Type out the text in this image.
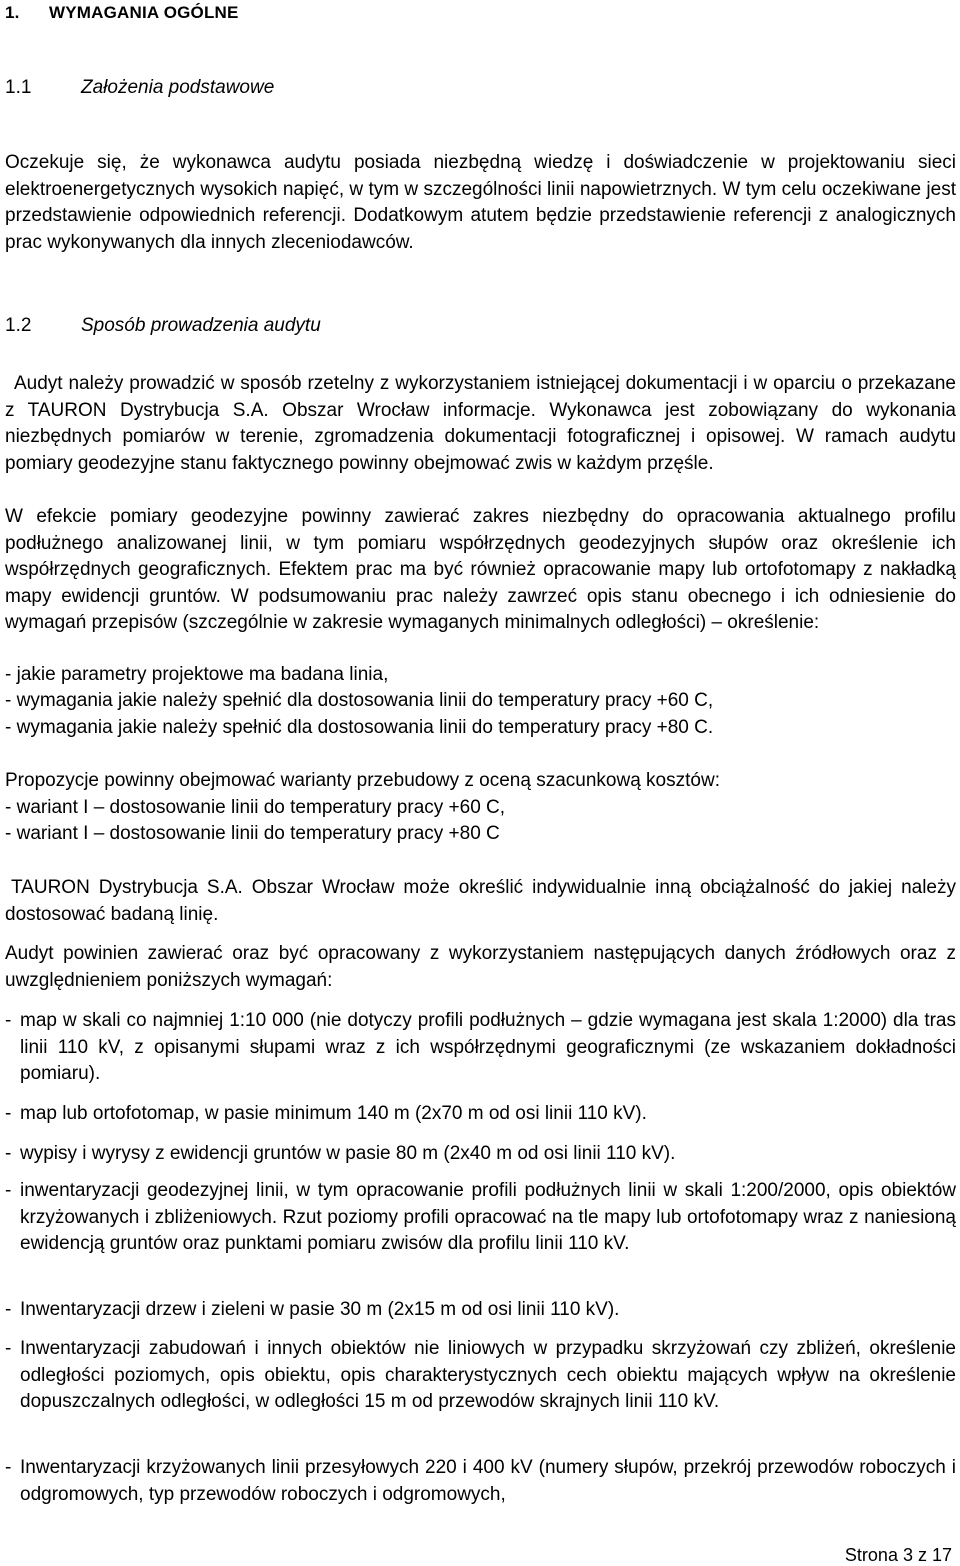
1. WYMAGANIA OGÓLNE
1.1	Założenia podstawowe
Oczekuje się, że wykonawca audytu posiada niezbędną wiedzę i doświadczenie w projektowaniu sieci elektroenergetycznych wysokich napięć, w tym w szczególności linii napowietrznych. W tym celu oczekiwane jest przedstawienie odpowiednich referencji. Dodatkowym atutem będzie przedstawienie referencji z analogicznych prac wykonywanych dla innych zleceniodawców.
1.2	Sposób prowadzenia audytu
Audyt należy prowadzić w sposób rzetelny z wykorzystaniem istniejącej dokumentacji i w oparciu o przekazane z TAURON Dystrybucja S.A. Obszar Wrocław informacje. Wykonawca jest zobowiązany do wykonania niezbędnych pomiarów w terenie, zgromadzenia dokumentacji fotograficznej i opisowej. W ramach audytu pomiary geodezyjne stanu faktycznego powinny obejmować zwis w każdym przęśle.
W efekcie pomiary geodezyjne powinny zawierać zakres niezbędny do opracowania aktualnego profilu podłużnego analizowanej linii, w tym pomiaru współrzędnych geodezyjnych słupów oraz określenie ich współrzędnych geograficznych. Efektem prac ma być również opracowanie mapy lub ortofotomapy z nakładką mapy ewidencji gruntów. W podsumowaniu prac należy zawrzeć opis stanu obecnego i ich odniesienie do wymagań przepisów (szczególnie w zakresie wymaganych minimalnych odległości) – określenie:
- jakie parametry projektowe ma badana linia,
- wymagania jakie należy spełnić dla dostosowania linii do temperatury pracy +60 C,
- wymagania jakie należy spełnić dla dostosowania linii do temperatury pracy +80 C.
Propozycje powinny obejmować warianty przebudowy z oceną szacunkową kosztów:
- wariant I – dostosowanie linii do temperatury pracy +60 C,
- wariant I – dostosowanie linii do temperatury pracy +80 C
TAURON Dystrybucja S.A. Obszar Wrocław może określić indywidualnie inną obciążalność do jakiej należy dostosować badaną linię.
Audyt powinien zawierać oraz być opracowany z wykorzystaniem następujących danych źródłowych oraz z uwzględnieniem poniższych wymagań:
- map w skali co najmniej 1:10 000 (nie dotyczy profili podłużnych – gdzie wymagana jest skala 1:2000) dla tras linii 110 kV, z opisanymi słupami wraz z ich współrzędnymi geograficznymi (ze wskazaniem dokładności pomiaru).
- map lub ortofotomap, w pasie minimum 140 m (2x70 m od osi linii 110 kV).
- wypisy i wyrysy z ewidencji gruntów w pasie 80 m (2x40 m od osi linii 110 kV).
- inwentaryzacji geodezyjnej linii, w tym opracowanie profili podłużnych linii w skali 1:200/2000, opis obiektów krzyżowanych i zbliżeniowych. Rzut poziomy profili opracować na tle mapy lub ortofotomapy wraz z naniesioną ewidencją gruntów oraz punktami pomiaru zwisów dla profilu linii 110 kV.
- Inwentaryzacji drzew i zieleni w pasie 30 m (2x15 m od osi linii 110 kV).
- Inwentaryzacji zabudowań i innych obiektów nie liniowych w przypadku skrzyżowań czy zbliżeń, określenie odległości poziomych, opis obiektu, opis charakterystycznych cech obiektu mających wpływ na określenie dopuszczalnych odległości, w odległości 15 m od przewodów skrajnych linii 110 kV.
- Inwentaryzacji krzyżowanych linii przesyłowych 220 i 400 kV (numery słupów, przekrój przewodów roboczych i odgromowych, typ przewodów roboczych i odgromowych,
Strona 3 z 17
